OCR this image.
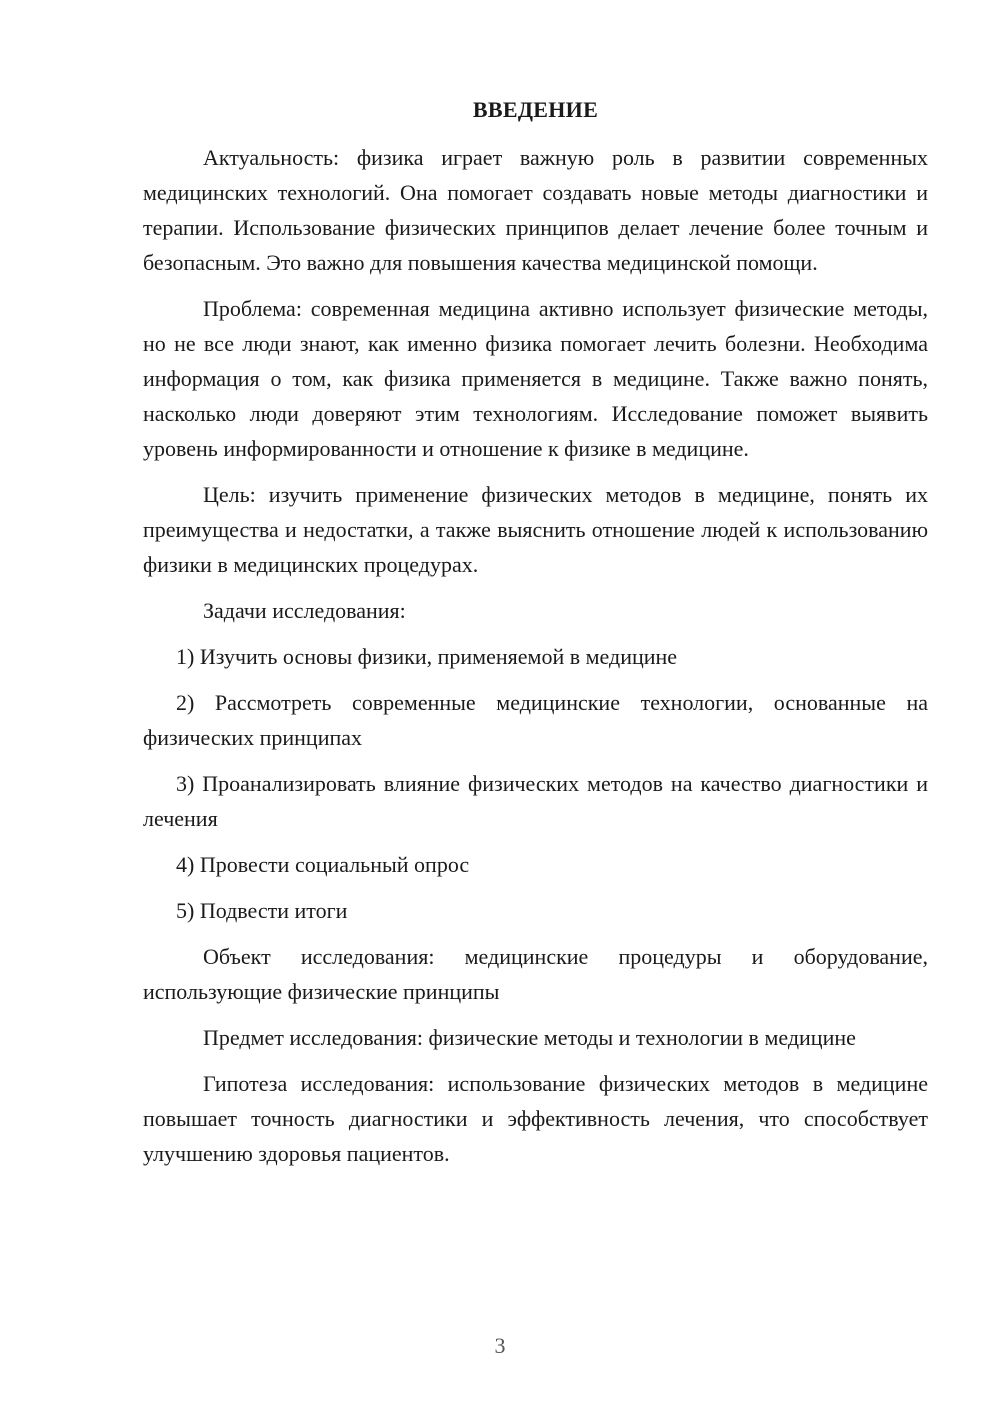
ВВЕДЕНИЕ

Актуальность: физика играет важную роль в развитии современных медицинских технологий. Она помогает создавать новые методы диагностики и терапии. Использование физических принципов делает лечение более точным и безопасным. Это важно для повышения качества медицинской помощи.

Проблема: современная медицина активно использует физические методы, но не все люди знают, как именно физика помогает лечить болезни. Необходима информация о том, как физика применяется в медицине. Также важно понять, насколько люди доверяют этим технологиям. Исследование поможет выявить уровень информированности и отношение к физике в медицине.

Цель: изучить применение физических методов в медицине, понять их преимущества и недостатки, а также выяснить отношение людей к использованию физики в медицинских процедурах.

Задачи исследования:

1) Изучить основы физики, применяемой в медицине

2) Рассмотреть современные медицинские технологии, основанные на физических принципах

3) Проанализировать влияние физических методов на качество диагностики и лечения

4) Провести социальный опрос

5) Подвести итоги

Объект исследования: медицинские процедуры и оборудование, использующие физические принципы

Предмет исследования: физические методы и технологии в медицине

Гипотеза исследования: использование физических методов в медицине повышает точность диагностики и эффективность лечения, что способствует улучшению здоровья пациентов.

3
